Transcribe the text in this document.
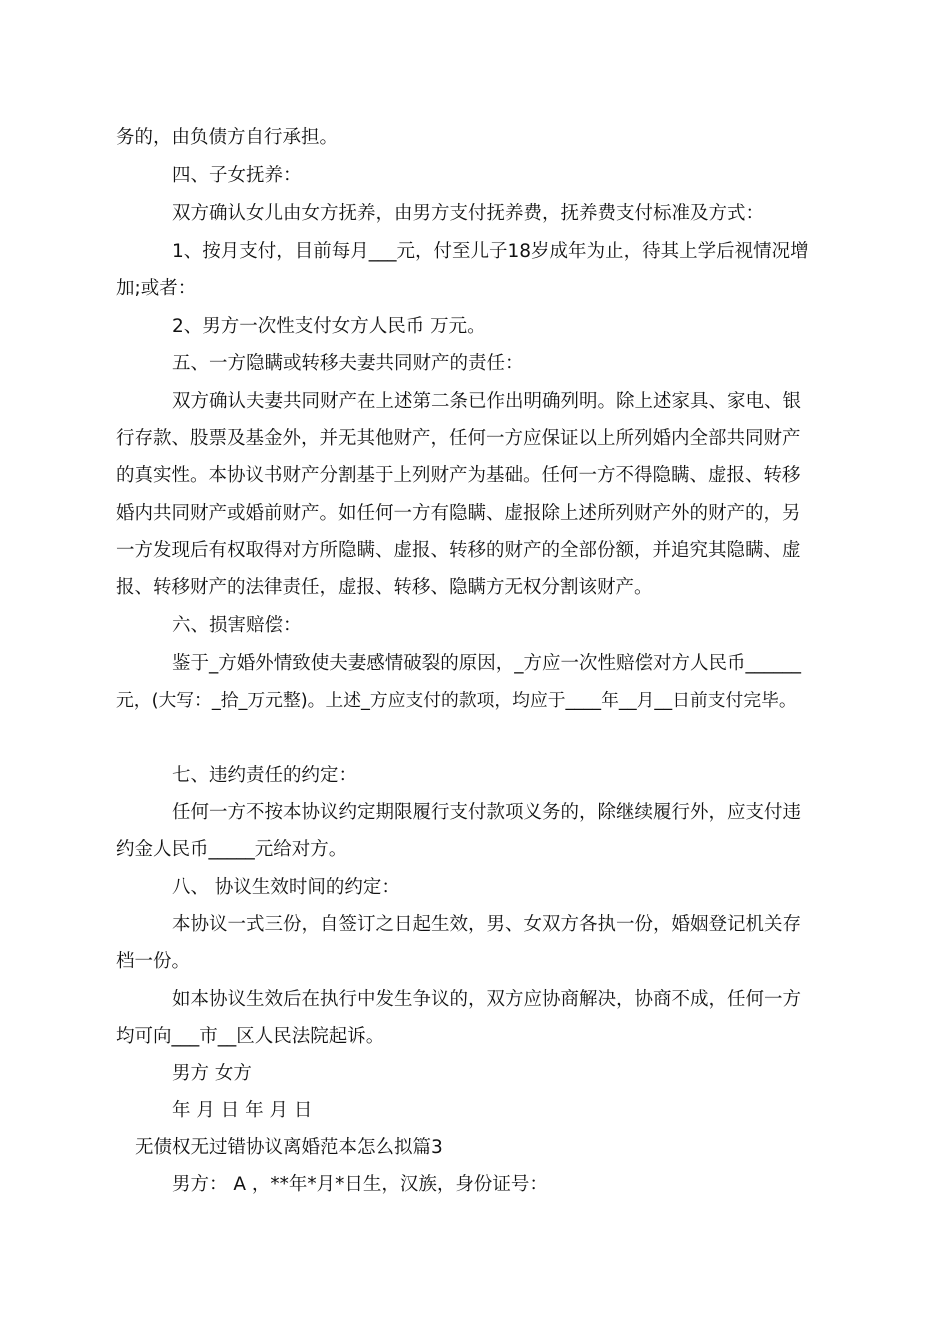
务的，由负债方自行承担。
四、子女抚养：
双方确认女儿由女方抚养，由男方支付抚养费，抚养费支付标准及方式：
1、按月支付，目前每月___元，付至儿子18岁成年为止，待其上学后视情况增
加;或者：
2、男方一次性支付女方人民币 万元。
五、一方隐瞒或转移夫妻共同财产的责任：
双方确认夫妻共同财产在上述第二条已作出明确列明。除上述家具、家电、银
行存款、股票及基金外，并无其他财产，任何一方应保证以上所列婚内全部共同财产
的真实性。本协议书财产分割基于上列财产为基础。任何一方不得隐瞒、虚报、转移
婚内共同财产或婚前财产。如任何一方有隐瞒、虚报除上述所列财产外的财产的，另
一方发现后有权取得对方所隐瞒、虚报、转移的财产的全部份额，并追究其隐瞒、虚
报、转移财产的法律责任，虚报、转移、隐瞒方无权分割该财产。
六、损害赔偿：
鉴于_方婚外情致使夫妻感情破裂的原因，_方应一次性赔偿对方人民币______
元，(大写：_拾_万元整)。上述_方应支付的款项，均应于____年__月__日前支付完毕。
七、违约责任的约定：
任何一方不按本协议约定期限履行支付款项义务的，除继续履行外，应支付违
约金人民币_____元给对方。
八、 协议生效时间的约定：
本协议一式三份，自签订之日起生效，男、女双方各执一份，婚姻登记机关存
档一份。
如本协议生效后在执行中发生争议的，双方应协商解决，协商不成，任何一方
均可向___市__区人民法院起诉。
男方 女方
年 月 日 年 月 日
无债权无过错协议离婚范本怎么拟篇3
男方： A ，**年*月*日生，汉族，身份证号：
